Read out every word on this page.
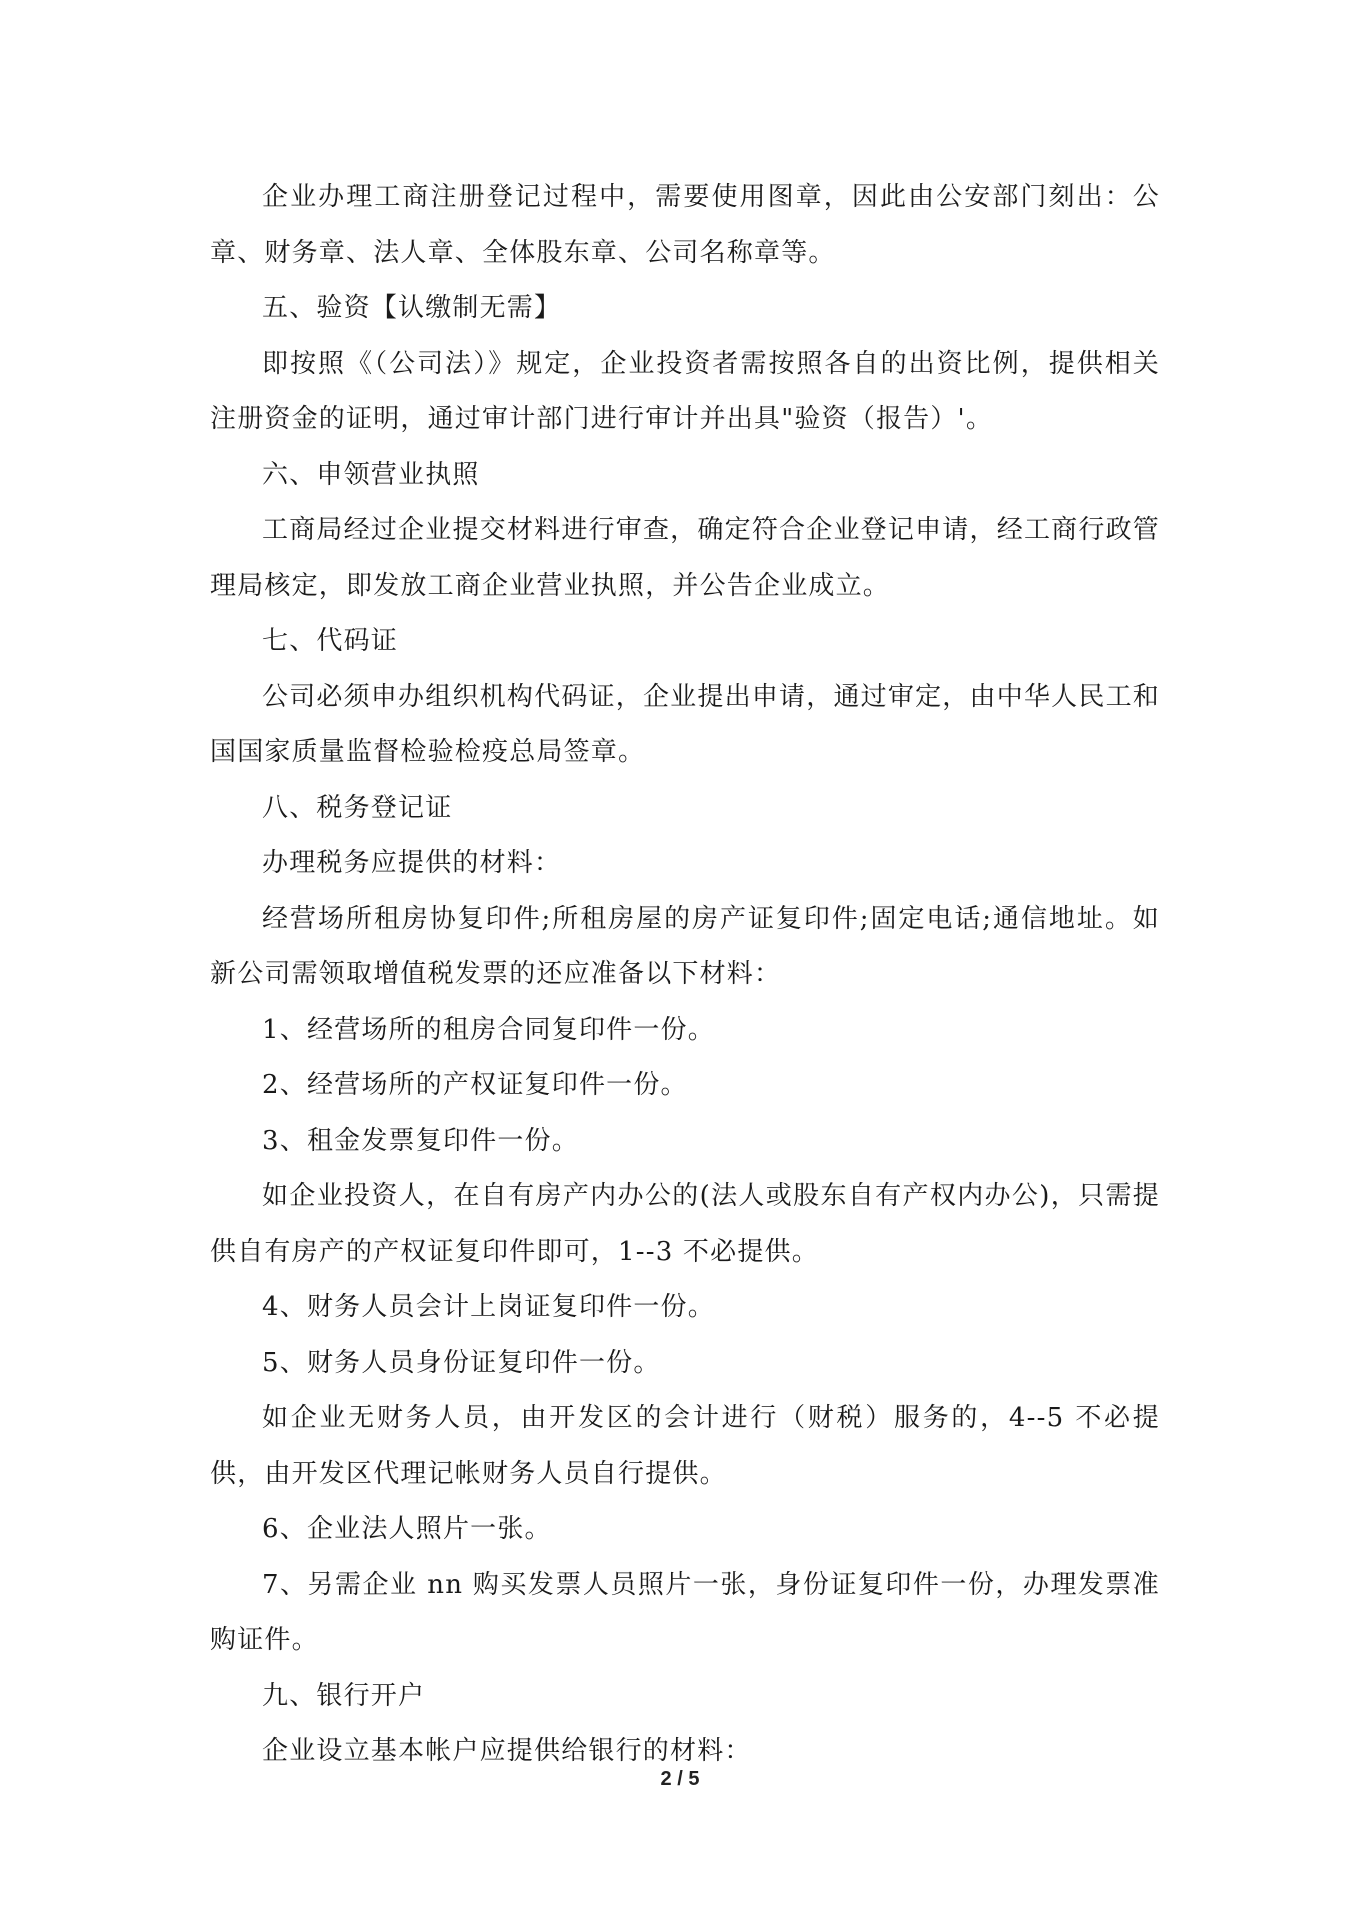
企业办理工商注册登记过程中，需要使用图章，因此由公安部门刻出：公章、财务章、法人章、全体股东章、公司名称章等。

五、验资【认缴制无需】

即按照《（公司法）》规定，企业投资者需按照各自的出资比例，提供相关注册资金的证明，通过审计部门进行审计并出具"验资（报告）'。

六、申领营业执照

工商局经过企业提交材料进行审查，确定符合企业登记申请，经工商行政管理局核定，即发放工商企业营业执照，并公告企业成立。

七、代码证

公司必须申办组织机构代码证，企业提出申请，通过审定，由中华人民工和国国家质量监督检验检疫总局签章。

八、税务登记证

办理税务应提供的材料：

经营场所租房协复印件;所租房屋的房产证复印件;固定电话;通信地址。如新公司需领取增值税发票的还应准备以下材料：

1、经营场所的租房合同复印件一份。

2、经营场所的产权证复印件一份。

3、租金发票复印件一份。

如企业投资人，在自有房产内办公的(法人或股东自有产权内办公)，只需提供自有房产的产权证复印件即可，1--3 不必提供。

4、财务人员会计上岗证复印件一份。

5、财务人员身份证复印件一份。

如企业无财务人员，由开发区的会计进行（财税）服务的，4--5 不必提供，由开发区代理记帐财务人员自行提供。

6、企业法人照片一张。

7、另需企业 nn 购买发票人员照片一张，身份证复印件一份，办理发票准购证件。

九、银行开户

企业设立基本帐户应提供给银行的材料：

2 / 5
